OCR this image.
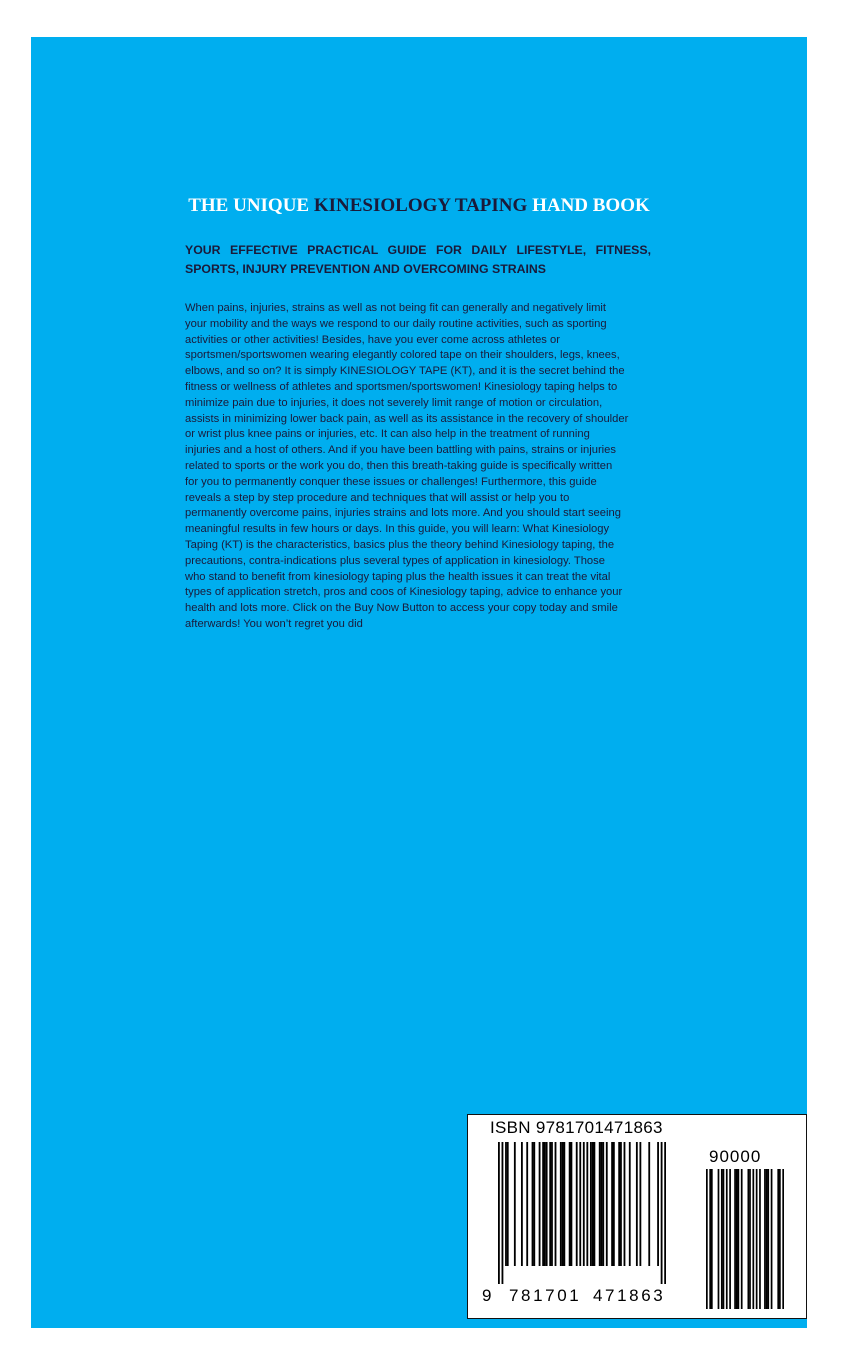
THE UNIQUE KINESIOLOGY TAPING HAND BOOK
YOUR EFFECTIVE PRACTICAL GUIDE FOR DAILY LIFESTYLE, FITNESS,
SPORTS, INJURY PREVENTION AND OVERCOMING STRAINS
When pains, injuries, strains as well as not being fit can generally and negatively limit
your mobility and the ways we respond to our daily routine activities, such as sporting
activities or other activities! Besides, have you ever come across athletes or
sportsmen/sportswomen wearing elegantly colored tape on their shoulders, legs, knees,
elbows, and so on? It is simply KINESIOLOGY TAPE (KT), and it is the secret behind the
fitness or wellness of athletes and sportsmen/sportswomen! Kinesiology taping helps to
minimize pain due to injuries, it does not severely limit range of motion or circulation,
assists in minimizing lower back pain, as well as its assistance in the recovery of shoulder
or wrist plus knee pains or injuries, etc. It can also help in the treatment of running
injuries and a host of others. And if you have been battling with pains, strains or injuries
related to sports or the work you do, then this breath-taking guide is specifically written
for you to permanently conquer these issues or challenges! Furthermore, this guide
reveals a step by step procedure and techniques that will assist or help you to
permanently overcome pains, injuries strains and lots more. And you should start seeing
meaningful results in few hours or days. In this guide, you will learn: What Kinesiology
Taping (KT) is the characteristics, basics plus the theory behind Kinesiology taping, the
precautions, contra-indications plus several types of application in kinesiology. Those
who stand to benefit from kinesiology taping plus the health issues it can treat the vital
types of application stretch, pros and coos of Kinesiology taping, advice to enhance your
health and lots more. Click on the Buy Now Button to access your copy today and smile
afterwards! You won’t regret you did
ISBN 9781701471863
90000
9 781701 471863
